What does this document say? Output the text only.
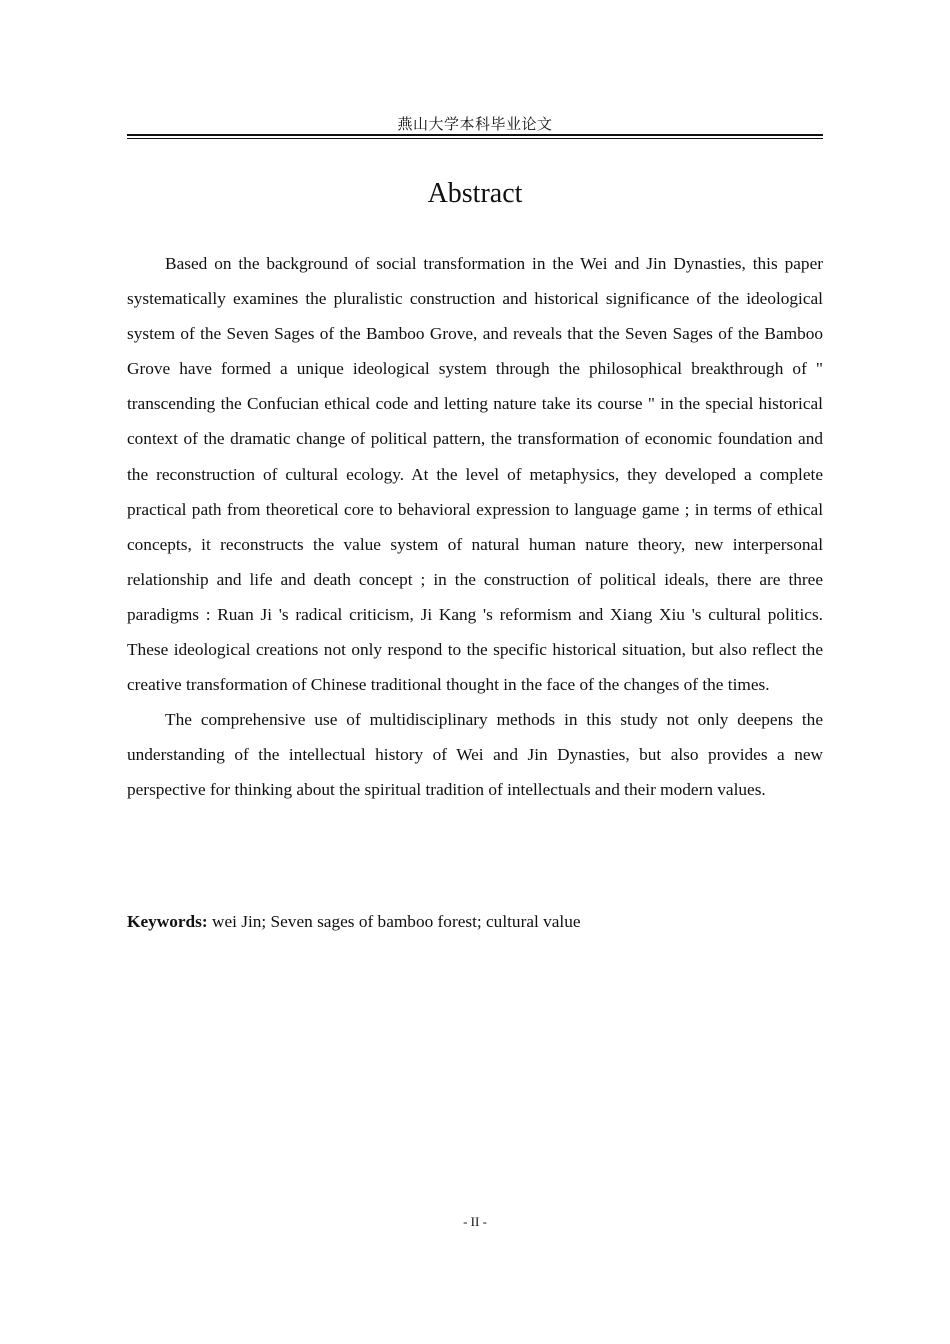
燕山大学本科毕业论文
Abstract

Based on the background of social transformation in the Wei and Jin Dynasties, this paper systematically examines the pluralistic construction and historical significance of the ideological system of the Seven Sages of the Bamboo Grove, and reveals that the Seven Sages of the Bamboo Grove have formed a unique ideological system through the philosophical breakthrough of " transcending the Confucian ethical code and letting nature take its course " in the special historical context of the dramatic change of political pattern, the transformation of economic foundation and the reconstruction of cultural ecology. At the level of metaphysics, they developed a complete practical path from theoretical core to behavioral expression to language game ; in terms of ethical concepts, it reconstructs the value system of natural human nature theory, new interpersonal relationship and life and death concept ; in the construction of political ideals, there are three paradigms : Ruan Ji 's radical criticism, Ji Kang 's reformism and Xiang Xiu 's cultural politics. These ideological creations not only respond to the specific historical situation, but also reflect the creative transformation of Chinese traditional thought in the face of the changes of the times.

The comprehensive use of multidisciplinary methods in this study not only deepens the understanding of the intellectual history of Wei and Jin Dynasties, but also provides a new perspective for thinking about the spiritual tradition of intellectuals and their modern values.

Keywords: wei Jin; Seven sages of bamboo forest; cultural value

- II -
